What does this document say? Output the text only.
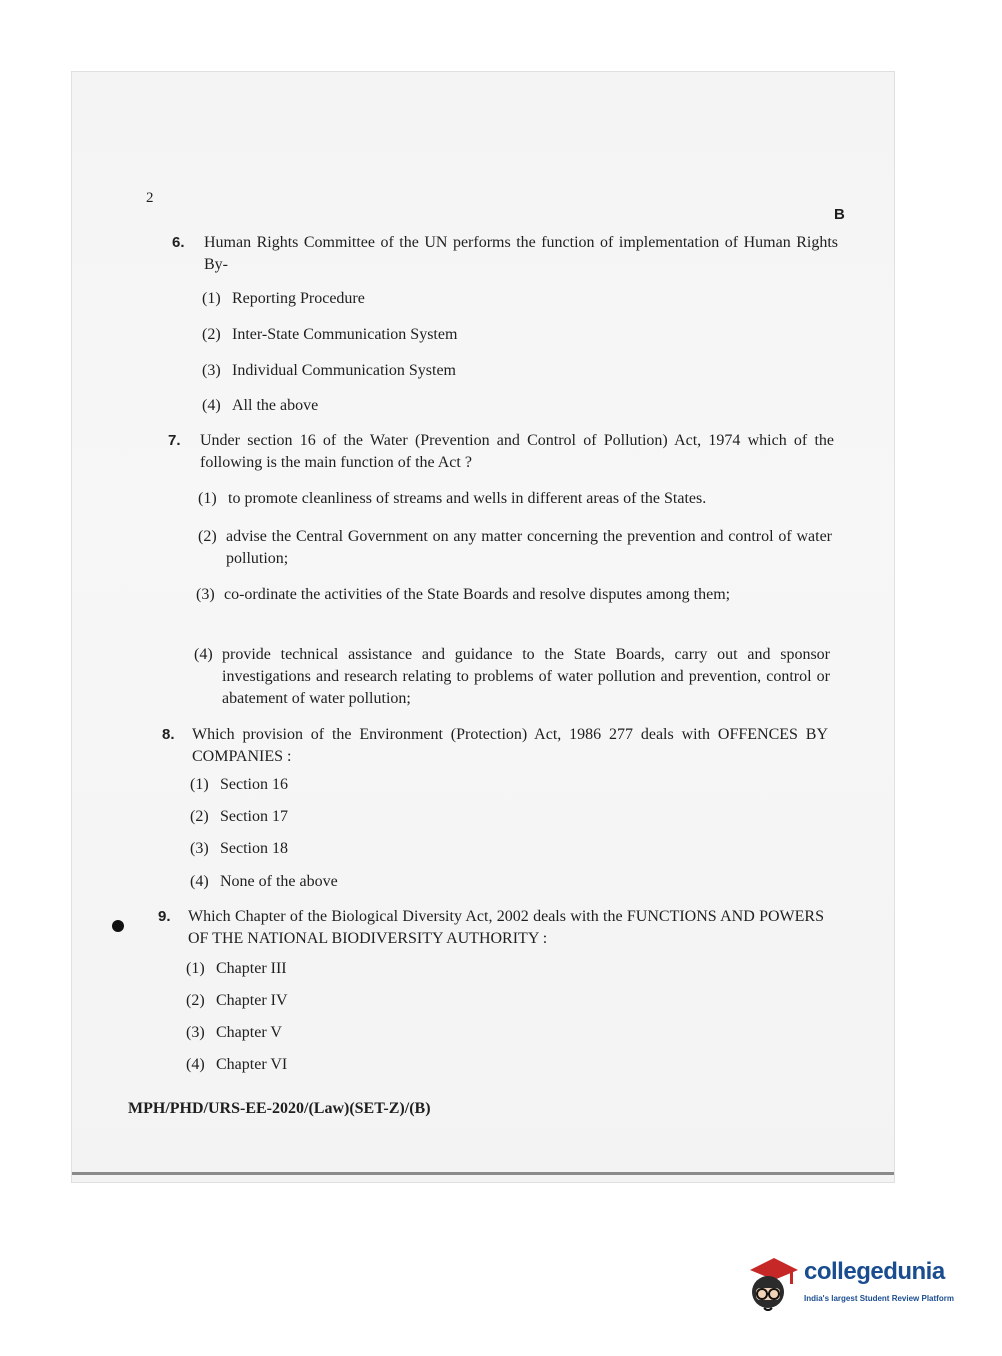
2
B
6. Human Rights Committee of the UN performs the function of implementation of Human Rights By-
(1) Reporting Procedure
(2) Inter-State Communication System
(3) Individual Communication System
(4) All the above
7. Under section 16 of the Water (Prevention and Control of Pollution) Act, 1974 which of the following is the main function of the Act ?
(1) to promote cleanliness of streams and wells in different areas of the States.
(2) advise the Central Government on any matter concerning the prevention and control of water pollution;
(3) co-ordinate the activities of the State Boards and resolve disputes among them;
(4) provide technical assistance and guidance to the State Boards, carry out and sponsor investigations and research relating to problems of water pollution and prevention, control or abatement of water pollution;
8. Which provision of the Environment (Protection) Act, 1986 277 deals with OFFENCES BY COMPANIES :
(1) Section 16
(2) Section 17
(3) Section 18
(4) None of the above
9. Which Chapter of the Biological Diversity Act, 2002 deals with the FUNCTIONS AND POWERS OF THE NATIONAL BIODIVERSITY AUTHORITY :
(1) Chapter III
(2) Chapter IV
(3) Chapter V
(4) Chapter VI
MPH/PHD/URS-EE-2020/(Law)(SET-Z)/(B)
collegedunia
India's largest Student Review Platform
